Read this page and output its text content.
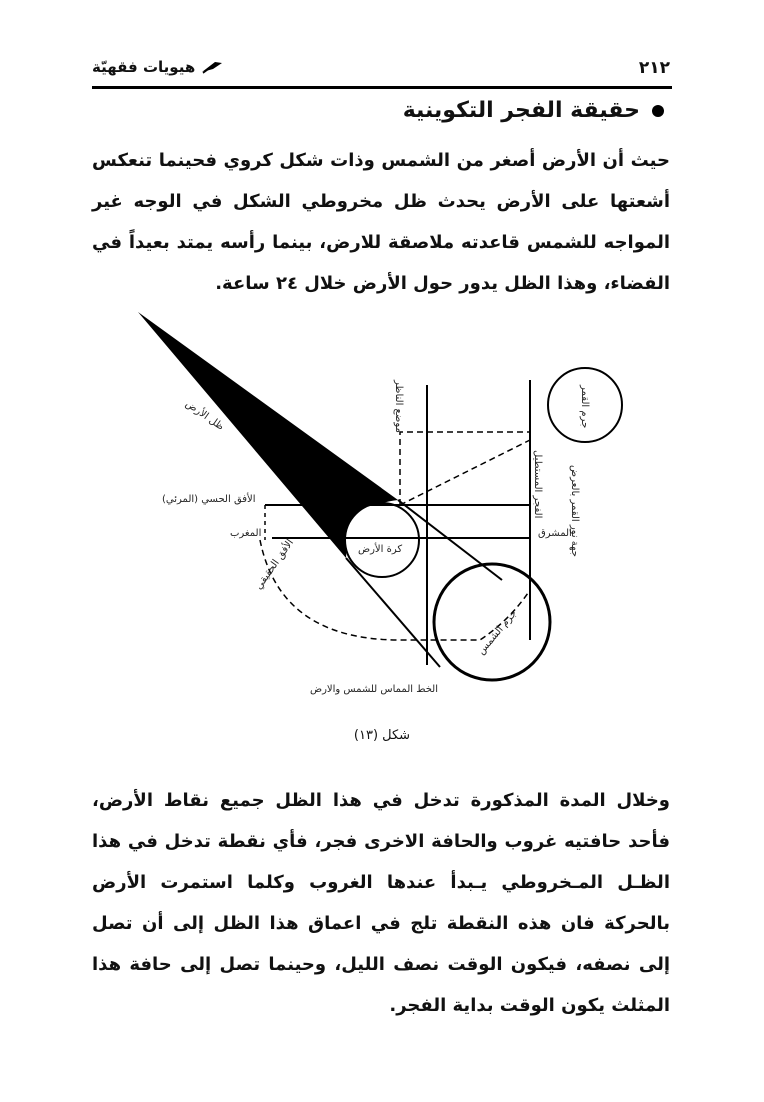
٢١٢
هيويات فقهيّة
حقيقة الفجر التكوينية
حيث أن الأرض أصغر من الشمس وذات شكل كروي فحينما تنعكس أشعتها على الأرض يحدث ظل مخروطي الشكل في الوجه غير المواجه للشمس قاعدته ملاصقة للارض، بينما رأسه يمتد بعيداً في الفضاء، وهذا الظل يدور حول الأرض خلال ٢٤ ساعة.
ظل الأرض	موضع الناظر	جرم القمر
الأفق الحسي (المرئي)
المغرب
الأفق الحقيقي	كرة الأرض
المشرق
الفجر المستطيل	جهة نور القمر بالعرض
جرم الشمس
الخط المماس للشمس والارض
شكل (١٣)
وخلال المدة المذكورة تدخل في هذا الظل جميع نقاط الأرض، فأحد حافتيه غروب والحافة الاخرى فجر، فأي نقطة تدخل في هذا الظـل المـخروطي يـبدأ عندها الغروب وكلما استمرت الأرض بالحركة فان هذه النقطة تلج في اعماق هذا الظل إلى أن تصل إلى نصفه، فيكون الوقت نصف الليل، وحينما تصل إلى حافة هذا المثلث يكون الوقت بداية الفجر.
